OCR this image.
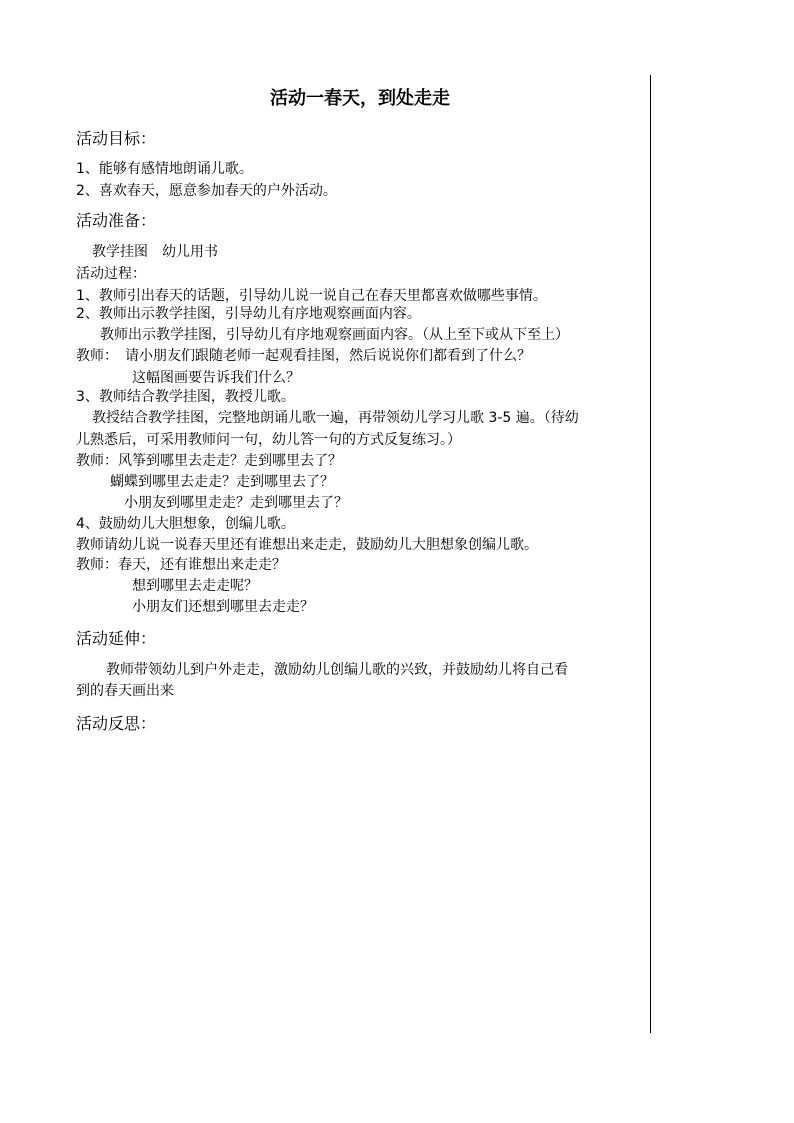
活动一春天，到处走走
活动目标：
1、能够有感情地朗诵儿歌。
2、喜欢春天，愿意参加春天的户外活动。
活动准备：
教学挂图　幼儿用书
活动过程：
1、教师引出春天的话题，引导幼儿说一说自己在春天里都喜欢做哪些事情。
2、教师出示教学挂图，引导幼儿有序地观察画面内容。
教师出示教学挂图，引导幼儿有序地观察画面内容。（从上至下或从下至上）
教师：　请小朋友们跟随老师一起观看挂图，然后说说你们都看到了什么？
这幅图画要告诉我们什么？
3、教师结合教学挂图，教授儿歌。
教授结合教学挂图，完整地朗诵儿歌一遍，再带领幼儿学习儿歌 3-5 遍。（待幼
儿熟悉后，可采用教师问一句，幼儿答一句的方式反复练习。）
教师：风筝到哪里去走走？走到哪里去了？
蝴蝶到哪里去走走？走到哪里去了？
小朋友到哪里走走？走到哪里去了？
4、鼓励幼儿大胆想象，创编儿歌。
教师请幼儿说一说春天里还有谁想出来走走，鼓励幼儿大胆想象创编儿歌。
教师：春天，还有谁想出来走走？
想到哪里去走走呢？
小朋友们还想到哪里去走走？
活动延伸：
教师带领幼儿到户外走走，激励幼儿创编儿歌的兴致，并鼓励幼儿将自己看
到的春天画出来
活动反思：
